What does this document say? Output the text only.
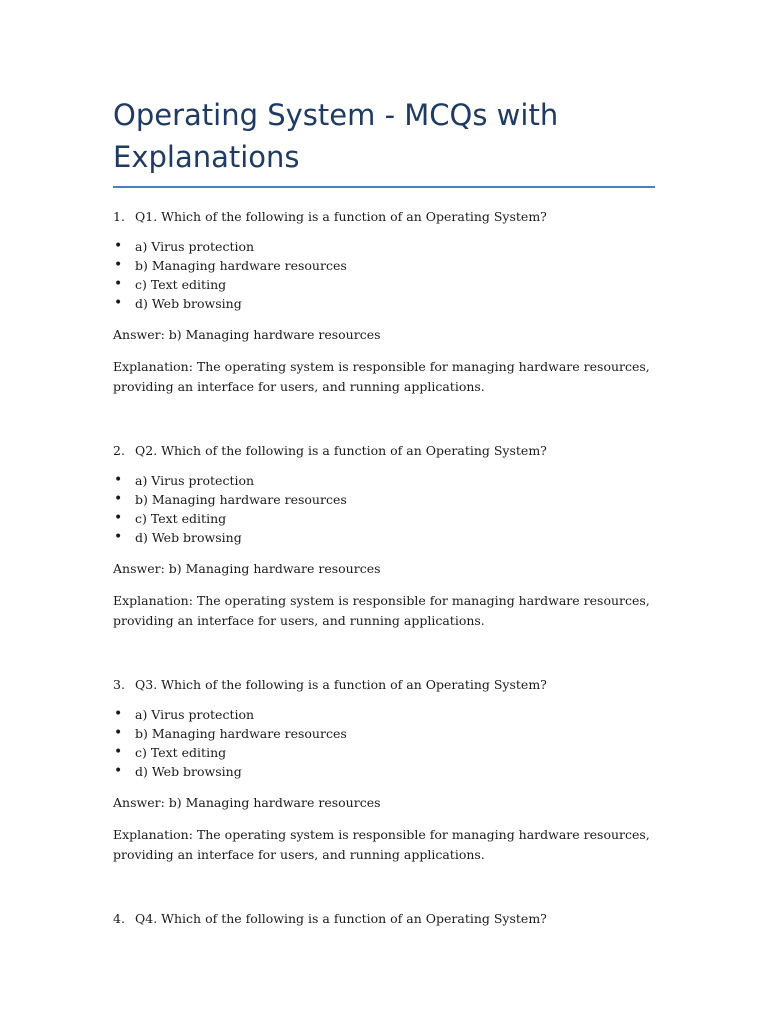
Operating System - MCQs with Explanations
1. Q1. Which of the following is a function of an Operating System?
• a) Virus protection
• b) Managing hardware resources
• c) Text editing
• d) Web browsing

Answer: b) Managing hardware resources

Explanation: The operating system is responsible for managing hardware resources, providing an interface for users, and running applications.

2. Q2. Which of the following is a function of an Operating System?
• a) Virus protection
• b) Managing hardware resources
• c) Text editing
• d) Web browsing

Answer: b) Managing hardware resources

Explanation: The operating system is responsible for managing hardware resources, providing an interface for users, and running applications.

3. Q3. Which of the following is a function of an Operating System?
• a) Virus protection
• b) Managing hardware resources
• c) Text editing
• d) Web browsing

Answer: b) Managing hardware resources

Explanation: The operating system is responsible for managing hardware resources, providing an interface for users, and running applications.

4. Q4. Which of the following is a function of an Operating System?
